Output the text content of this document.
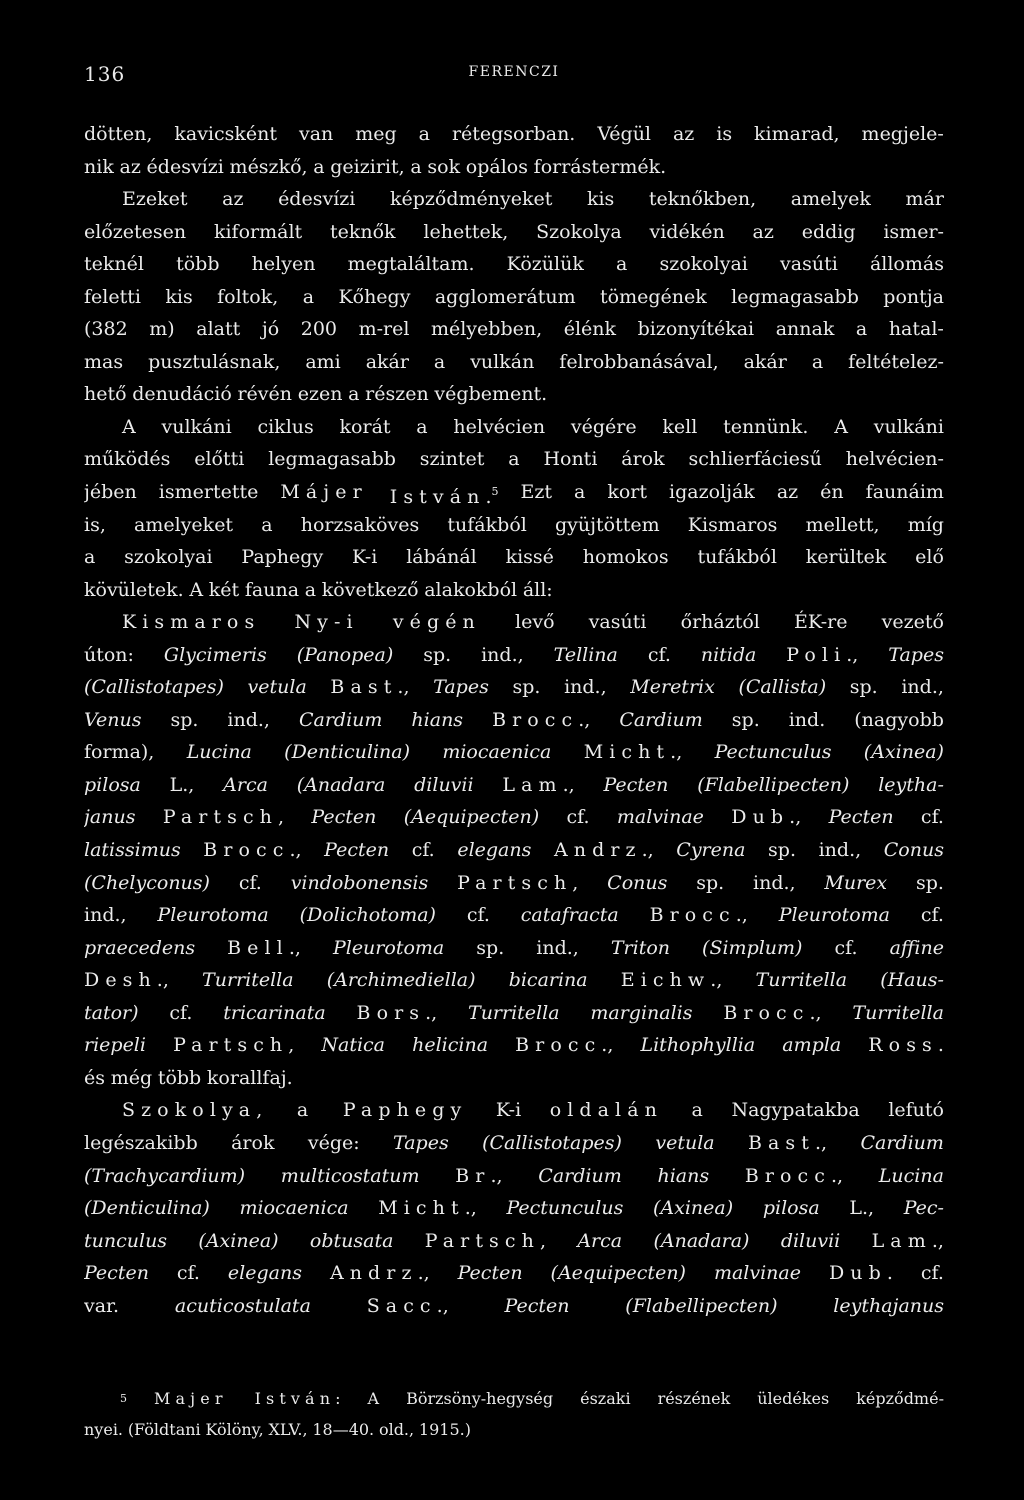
136	FERENCZI
dötten, kavicsként van meg a rétegsorban. Végül az is kimarad, megjele-
nik az édesvízi mészkő, a geizirit, a sok opálos forrástermék.
Ezeket az édesvízi képződményeket kis teknőkben, amelyek már
előzetesen kiformált teknők lehettek, Szokolya vidékén az eddig ismer-
teknél több helyen megtaláltam. Közülük a szokolyai vasúti állomás
feletti kis foltok, a Kőhegy agglomerátum tömegének legmagasabb pontja
(382 m) alatt jó 200 m-rel mélyebben, élénk bizonyítékai annak a hatal-
mas pusztulásnak, ami akár a vulkán felrobbanásával, akár a feltételez-
hető denudáció révén ezen a részen végbement.
A vulkáni ciklus korát a helvécien végére kell tennünk. A vulkáni
működés előtti legmagasabb szintet a Honti árok schlierfáciesű helvécien-
jében ismertette Májer István.$^5$ Ezt a kort igazolják az én faunáim
is, amelyeket a horzsaköves tufákból gyüjtöttem Kismaros mellett, míg
a szokolyai Paphegy K-i lábánál kissé homokos tufákból kerültek elő
kövületek. A két fauna a következő alakokból áll:
Kismaros Ny-i végén levő vasúti őrháztól ÉK-re vezető
úton: Glycimeris (Panopea) sp. ind., Tellina cf. nitida Poli., Tapes
(Callistotapes) vetula Bast., Tapes sp. ind., Meretrix (Callista) sp. ind.,
Venus sp. ind., Cardium hians Brocc., Cardium sp. ind. (nagyobb
forma), Lucina (Denticulina) miocaenica Micht., Pectunculus (Axinea)
pilosa L., Arca (Anadara diluvii Lam., Pecten (Flabellipecten) leytha-
janus Partsch, Pecten (Aequipecten) cf. malvinae Dub., Pecten cf.
latissimus Brocc., Pecten cf. elegans Andrz., Cyrena sp. ind., Conus
(Chelyconus) cf. vindobonensis Partsch, Conus sp. ind., Murex sp.
ind., Pleurotoma (Dolichotoma) cf. catafracta Brocc., Pleurotoma cf.
praecedens Bell., Pleurotoma sp. ind., Triton (Simplum) cf. affine
Desh., Turritella (Archimediella) bicarina Eichw., Turritella (Haus-
tator) cf. tricarinata Bors., Turritella marginalis Brocc., Turritella
riepeli Partsch, Natica helicina Brocc., Lithophyllia ampla Ross.
és még több korallfaj.
Szokolya, a Paphegy K-i oldalán a Nagypatakba lefutó
legészakibb árok vége: Tapes (Callistotapes) vetula Bast., Cardium
(Trachycardium) multicostatum Br., Cardium hians Brocc., Lucina
(Denticulina) miocaenica Micht., Pectunculus (Axinea) pilosa L., Pec-
tunculus (Axinea) obtusata Partsch, Arca (Anadara) diluvii Lam.,
Pecten cf. elegans Andrz., Pecten (Aequipecten) malvinae Dub. cf.
var.	acuticostulata	Sacc.,	Pecten	(Flabellipecten)	leythajanus
$^5$ Majer István: A Börzsöny-hegység északi részének üledékes képződmé-
nyei. (Földtani Kölöny, XLV., 18—40. old., 1915.)
